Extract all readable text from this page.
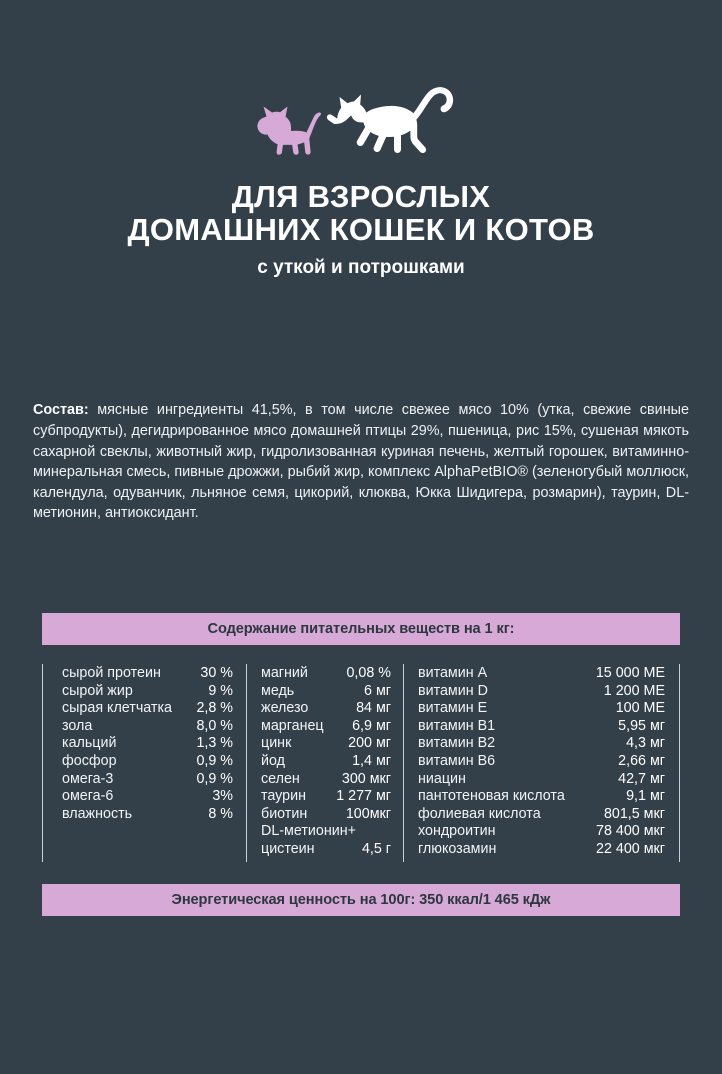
ДЛЯ ВЗРОСЛЫХ
ДОМАШНИХ КОШЕК И КОТОВ
с уткой и потрошками

Состав: мясные ингредиенты 41,5%, в том числе свежее мясо 10% (утка, свежие свиные субпродукты), дегидрированное мясо домашней птицы 29%, пшеница, рис 15%, сушеная мякоть сахарной свеклы, животный жир, гидролизованная куриная печень, желтый горошек, витаминно-минеральная смесь, пивные дрожжи, рыбий жир, комплекс AlphaPetBIO® (зеленогубый моллюск, календула, одуванчик, льняное семя, цикорий, клюква, Юкка Шидигера, розмарин), таурин, DL-метионин, антиоксидант.

Содержание питательных веществ на 1 кг:
сырой протеин	30 %
сырой жир	9 %
сырая клетчатка 2,8 %
зола	8,0 %
кальций	1,3 %
фосфор	0,9 %
омега-3	0,9 %
омега-6	3%
влажность	8 %
магний	0,08 %
медь	6 мг
железо	84 мг
марганец 6,9 мг
цинк	200 мг
йод	1,4 мг
селен	300 мкг
таурин 1 277 мг
биотин	100мкг
DL-метионин+
цистеин	4,5 г
витамин A	15 000 МЕ
витамин D	1 200 МЕ
витамин E	100 МЕ
витамин B1	5,95 мг
витамин B2	4,3 мг
витамин B6	2,66 мг
ниацин	42,7 мг
пантотеновая кислота	9,1 мг
фолиевая кислота	801,5 мкг
хондроитин	78 400 мкг
глюкозамин	22 400 мкг
Энергетическая ценность на 100г: 350 ккал/1 465 кДж
